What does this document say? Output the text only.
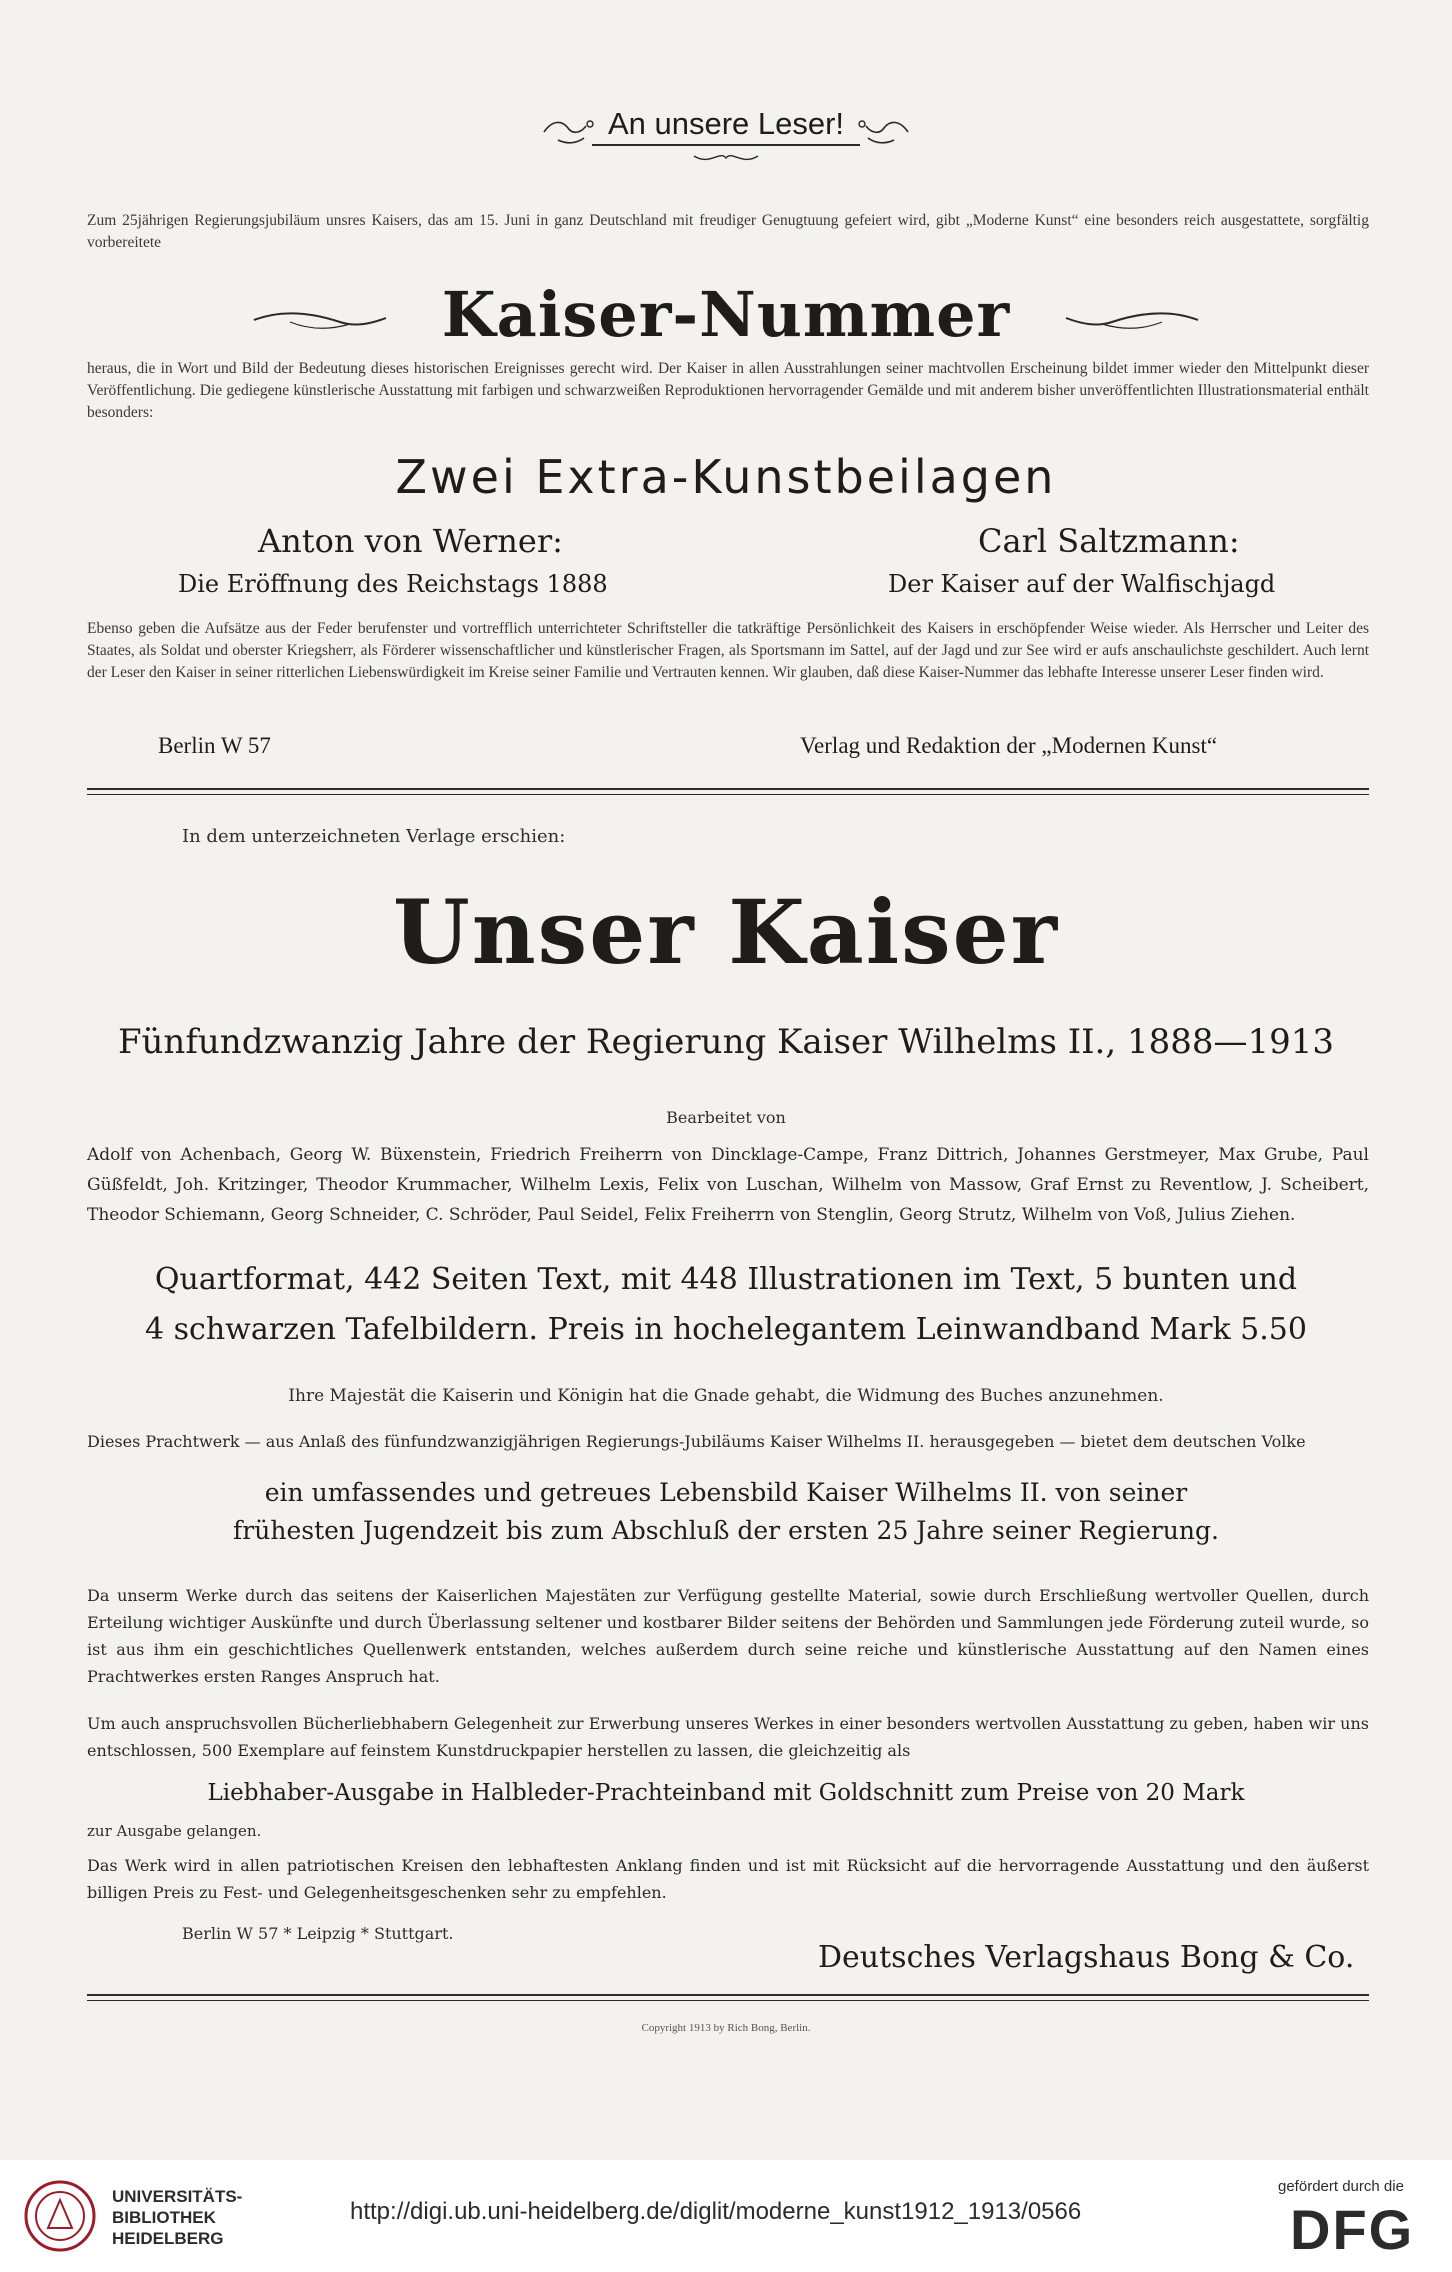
An unsere Leser!
Zum 25jährigen Regierungsjubiläum unsres Kaisers, das am 15. Juni in ganz Deutschland mit freudiger Genugtuung gefeiert wird, gibt „Moderne Kunst“ eine besonders reich ausgestattete, sorgfältig vorbereitete
Kaiser-Nummer
heraus, die in Wort und Bild der Bedeutung dieses historischen Ereignisses gerecht wird. Der Kaiser in allen Ausstrahlungen seiner machtvollen Erscheinung bildet immer wieder den Mittelpunkt dieser Veröffentlichung. Die gediegene künstlerische Ausstattung mit farbigen und schwarzweißen Reproduktionen hervorragender Gemälde und mit anderem bisher unveröffentlichten Illustrationsmaterial enthält besonders:
Zwei Extra-Kunstbeilagen
Anton von Werner:
Die Eröffnung des Reichstags 1888
Carl Saltzmann:
Der Kaiser auf der Walfischjagd
Ebenso geben die Aufsätze aus der Feder berufenster und vortrefflich unterrichteter Schriftsteller die tatkräftige Persönlichkeit des Kaisers in erschöpfender Weise wieder. Als Herrscher und Leiter des Staates, als Soldat und oberster Kriegsherr, als Förderer wissenschaftlicher und künstlerischer Fragen, als Sportsmann im Sattel, auf der Jagd und zur See wird er aufs anschaulichste geschildert. Auch lernt der Leser den Kaiser in seiner ritterlichen Liebenswürdigkeit im Kreise seiner Familie und Vertrauten kennen. Wir glauben, daß diese Kaiser-Nummer das lebhafte Interesse unserer Leser finden wird.
Berlin W 57	Verlag und Redaktion der „Modernen Kunst“
In dem unterzeichneten Verlage erschien:
Unser Kaiser
Fünfundzwanzig Jahre der Regierung Kaiser Wilhelms II., 1888—1913
Bearbeitet von
Adolf von Achenbach, Georg W. Büxenstein, Friedrich Freiherrn von Dincklage-Campe, Franz Dittrich, Johannes Gerstmeyer, Max Grube, Paul Güßfeldt, Joh. Kritzinger, Theodor Krummacher, Wilhelm Lexis, Felix von Luschan, Wilhelm von Massow, Graf Ernst zu Reventlow, J. Scheibert, Theodor Schiemann, Georg Schneider, C. Schröder, Paul Seidel, Felix Freiherrn von Stenglin, Georg Strutz, Wilhelm von Voß, Julius Ziehen.
Quartformat, 442 Seiten Text, mit 448 Illustrationen im Text, 5 bunten und
4 schwarzen Tafelbildern. Preis in hochelegantem Leinwandband Mark 5.50
Ihre Majestät die Kaiserin und Königin hat die Gnade gehabt, die Widmung des Buches anzunehmen.
Dieses Prachtwerk — aus Anlaß des fünfundzwanzigjährigen Regierungs-Jubiläums Kaiser Wilhelms II. herausgegeben — bietet dem deutschen Volke
ein umfassendes und getreues Lebensbild Kaiser Wilhelms II. von seiner
frühesten Jugendzeit bis zum Abschluß der ersten 25 Jahre seiner Regierung.
Da unserm Werke durch das seitens der Kaiserlichen Majestäten zur Verfügung gestellte Material, sowie durch Erschließung wertvoller Quellen, durch Erteilung wichtiger Auskünfte und durch Überlassung seltener und kostbarer Bilder seitens der Behörden und Sammlungen jede Förderung zuteil wurde, so ist aus ihm ein geschichtliches Quellenwerk entstanden, welches außerdem durch seine reiche und künstlerische Ausstattung auf den Namen eines Prachtwerkes ersten Ranges Anspruch hat.
Um auch anspruchsvollen Bücherliebhabern Gelegenheit zur Erwerbung unseres Werkes in einer besonders wertvollen Ausstattung zu geben, haben wir uns entschlossen, 500 Exemplare auf feinstem Kunstdruckpapier herstellen zu lassen, die gleichzeitig als
Liebhaber-Ausgabe in Halbleder-Prachteinband mit Goldschnitt zum Preise von 20 Mark
zur Ausgabe gelangen.
Das Werk wird in allen patriotischen Kreisen den lebhaftesten Anklang finden und ist mit Rücksicht auf die hervorragende Ausstattung und den äußerst billigen Preis zu Fest- und Gelegenheitsgeschenken sehr zu empfehlen.
Berlin W 57 * Leipzig * Stuttgart.
Deutsches Verlagshaus Bong & Co.
Copyright 1913 by Rich Bong, Berlin.
UNIVERSITÄTS-
BIBLIOTHEK
HEIDELBERG
http://digi.ub.uni-heidelberg.de/diglit/moderne_kunst1912_1913/0566
gefördert durch die
DFG
